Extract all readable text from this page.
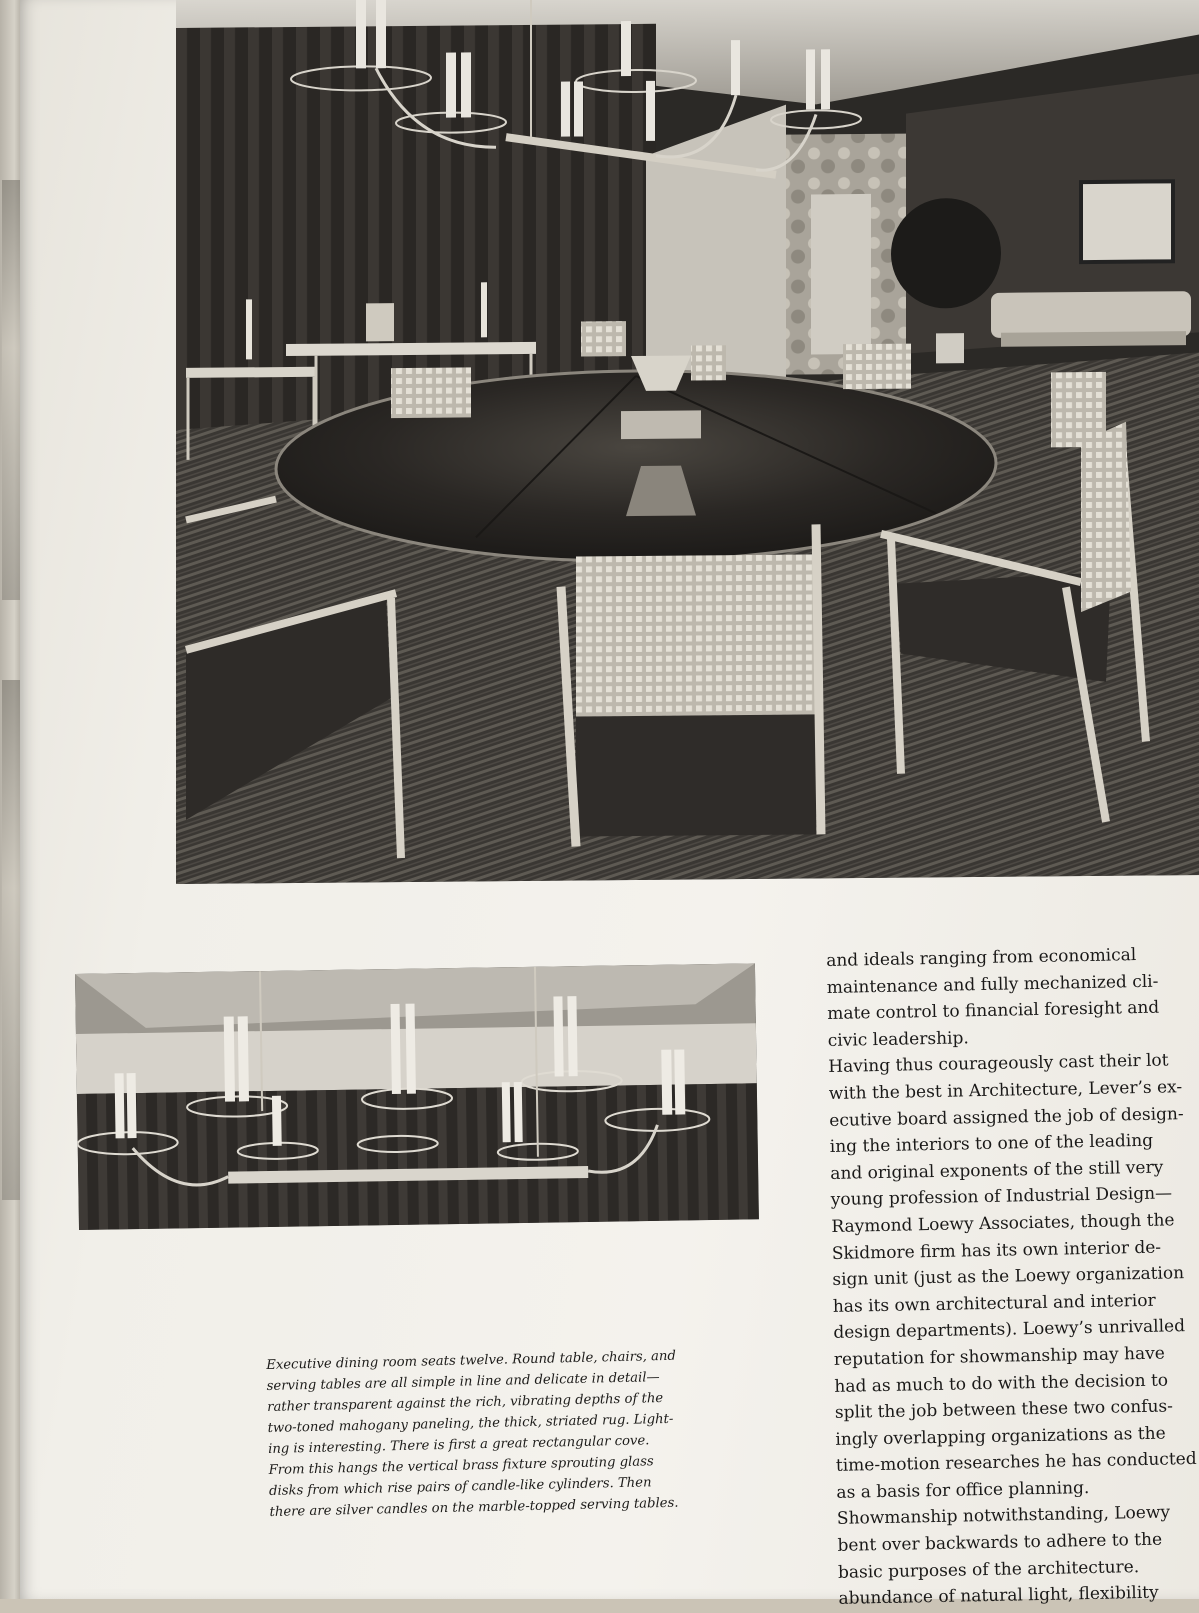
Executive dining room seats twelve. Round table, chairs, and
serving tables are all simple in line and delicate in detail—
rather transparent against the rich, vibrating depths of the
two-toned mahogany paneling, the thick, striated rug. Light-
ing is interesting. There is first a great rectangular cove.
From this hangs the vertical brass fixture sprouting glass
disks from which rise pairs of candle-like cylinders. Then
there are silver candles on the marble-topped serving tables.
and ideals ranging from economical
maintenance and fully mechanized cli-
mate control to financial foresight and
civic leadership.
Having thus courageously cast their lot
with the best in Architecture, Lever’s ex-
ecutive board assigned the job of design-
ing the interiors to one of the leading
and original exponents of the still very
young profession of Industrial Design—
Raymond Loewy Associates, though the
Skidmore firm has its own interior de-
sign unit (just as the Loewy organization
has its own architectural and interior
design departments). Loewy’s unrivalled
reputation for showmanship may have
had as much to do with the decision to
split the job between these two confus-
ingly overlapping organizations as the
time-motion researches he has conducted
as a basis for office planning.
Showmanship notwithstanding, Loewy
bent over backwards to adhere to the
basic purposes of the architecture.
abundance of natural light, flexibility
